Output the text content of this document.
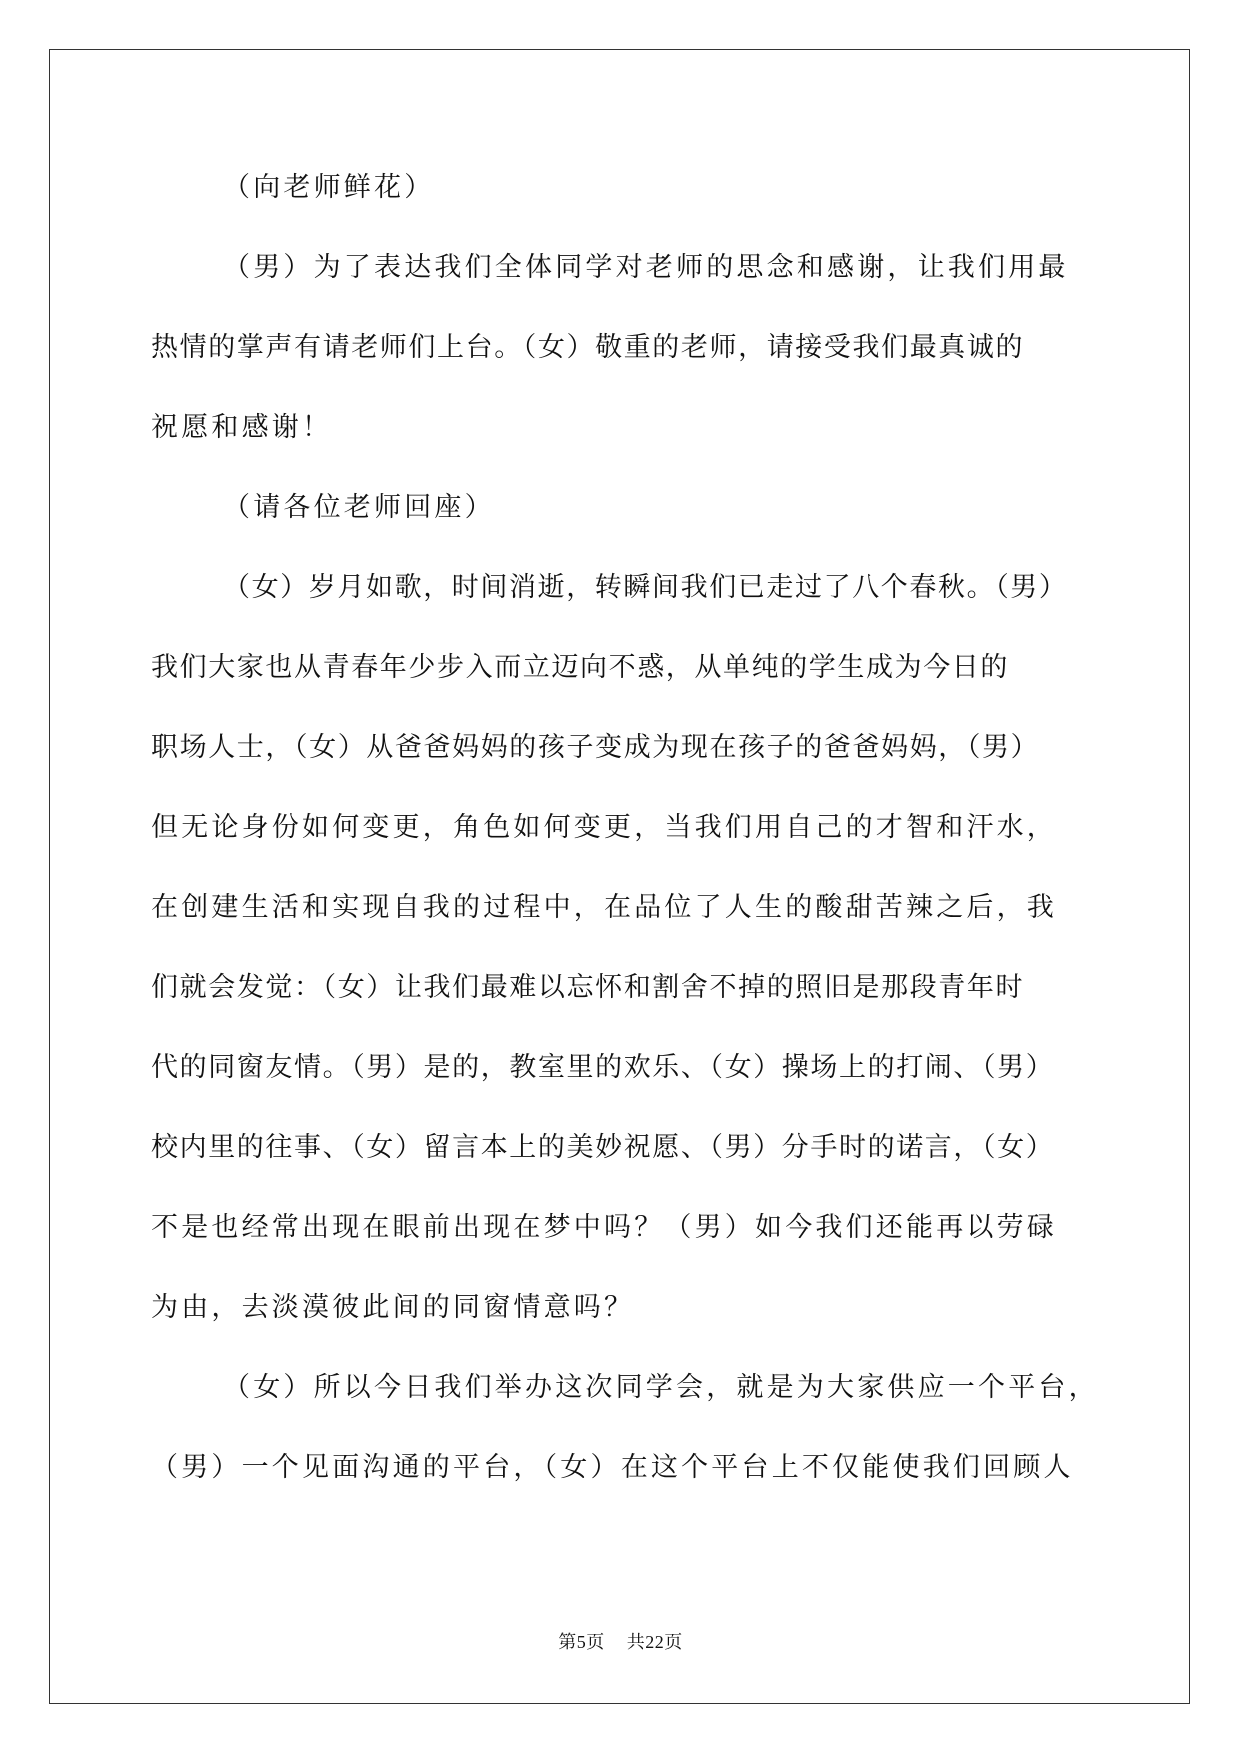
（向老师鲜花）
（男）为了表达我们全体同学对老师的思念和感谢，让我们用最
热情的掌声有请老师们上台。（女）敬重的老师，请接受我们最真诚的
祝愿和感谢！
（请各位老师回座）
（女）岁月如歌，时间消逝，转瞬间我们已走过了八个春秋。（男）
我们大家也从青春年少步入而立迈向不惑，从单纯的学生成为今日的
职场人士，（女）从爸爸妈妈的孩子变成为现在孩子的爸爸妈妈，（男）
但无论身份如何变更，角色如何变更，当我们用自己的才智和汗水，
在创建生活和实现自我的过程中，在品位了人生的酸甜苦辣之后，我
们就会发觉：（女）让我们最难以忘怀和割舍不掉的照旧是那段青年时
代的同窗友情。（男）是的，教室里的欢乐、（女）操场上的打闹、（男）
校内里的往事、（女）留言本上的美妙祝愿、（男）分手时的诺言，（女）
不是也经常出现在眼前出现在梦中吗？（男）如今我们还能再以劳碌
为由，去淡漠彼此间的同窗情意吗？
（女）所以今日我们举办这次同学会，就是为大家供应一个平台，
（男）一个见面沟通的平台，（女）在这个平台上不仅能使我们回顾人
第5页 共22页
